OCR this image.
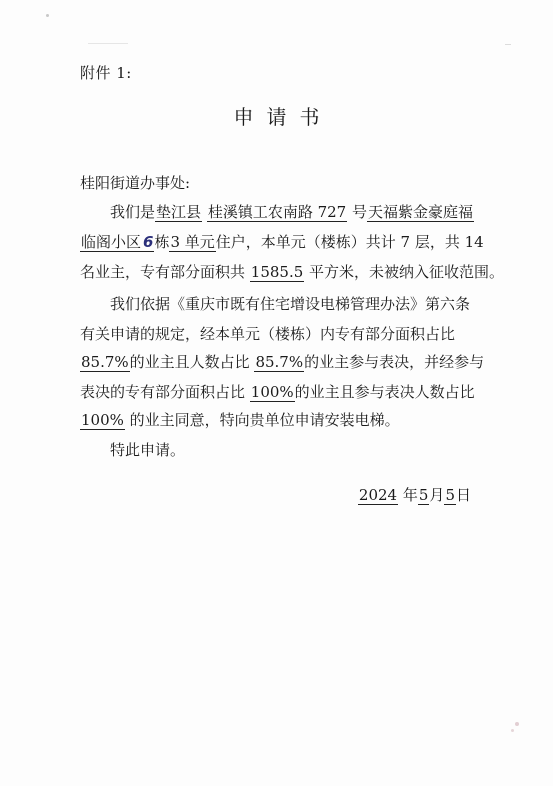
附件 1:
申请书
桂阳街道办事处:
我们是垫江县 桂溪镇工农南路 727 号天福紫金豪庭福
临阁小区 6栋3 单元住户，本单元（楼栋）共计 7 层，共 14
名业主，专有部分面积共 1585.5 平方米，未被纳入征收范围。
我们依据《重庆市既有住宅增设电梯管理办法》第六条
有关申请的规定，经本单元（楼栋）内专有部分面积占比
85.7%的业主且人数占比 85.7%的业主参与表决，并经参与
表决的专有部分面积占比 100%的业主且参与表决人数占比
100% 的业主同意，特向贵单位申请安装电梯。
特此申请。
2024 年5月5日
